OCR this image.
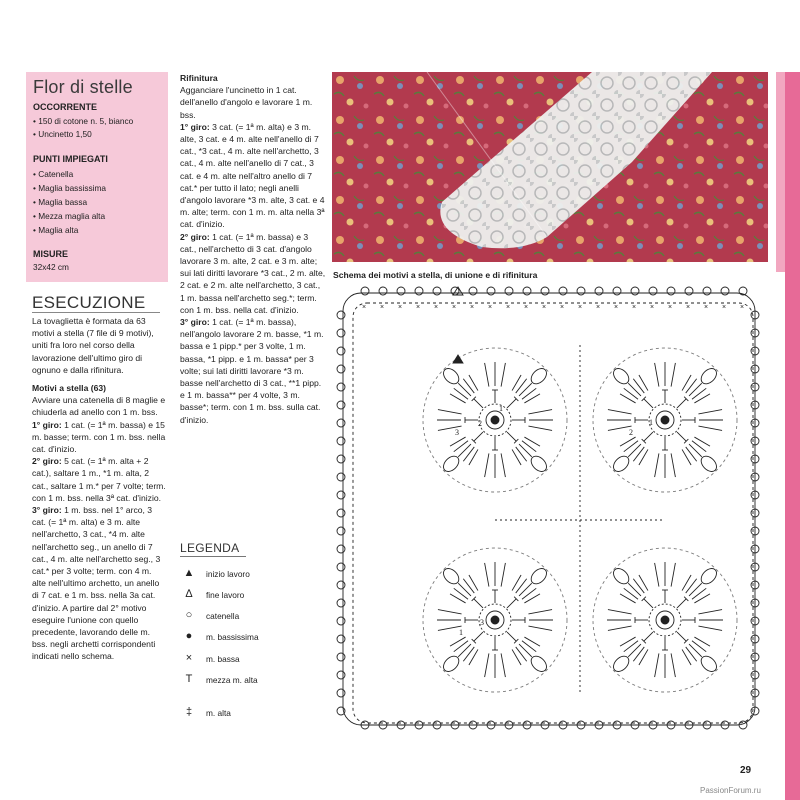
Flor di stelle
OCCORRENTE
• 150 di cotone n. 5, bianco
• Uncinetto 1,50
PUNTI IMPIEGATI
• Catenella
• Maglia bassissima
• Maglia bassa
• Mezza maglia alta
• Maglia alta
MISURE
32x42 cm
ESECUZIONE

La tovaglietta è formata da 63 motivi a stella (7 file di 9 motivi), uniti fra loro nel corso della lavorazione dell'ultimo giro di ognuno e dalla rifinitura.

Motivi a stella (63)

Avviare una catenella di 8 maglie e chiuderla ad anello con 1 m. bss.

1° giro: 1 cat. (= 1ª m. bassa) e 15 m. basse; term. con 1 m. bss. nella cat. d'inizio.

2° giro: 5 cat. (= 1ª m. alta + 2 cat.), saltare 1 m., *1 m. alta, 2 cat., saltare 1 m.* per 7 volte; term. con 1 m. bss. nella 3ª cat. d'inizio.

3° giro: 1 m. bss. nel 1° arco, 3 cat. (= 1ª m. alta) e 3 m. alte nell'archetto, 3 cat., *4 m. alte nell'archetto seg., un anello di 7 cat., 4 m. alte nell'archetto seg., 3 cat.* per 3 volte; term. con 4 m. alte nell'ultimo archetto, un anello di 7 cat. e 1 m. bss. nella 3a cat. d'inizio. A partire dal 2° motivo eseguire l'unione con quello precedente, lavorando delle m. bss. negli archetti corrispondenti indicati nello schema.

Rifinitura

Agganciare l'uncinetto in 1 cat. dell'anello d'angolo e lavorare 1 m. bss.

1° giro: 3 cat. (= 1ª m. alta) e 3 m. alte, 3 cat. e 4 m. alte nell'anello di 7 cat., *3 cat., 4 m. alte nell'archetto, 3 cat., 4 m. alte nell'anello di 7 cat., 3 cat. e 4 m. alte nell'altro anello di 7 cat.* per tutto il lato; negli anelli d'angolo lavorare *3 m. alte, 3 cat. e 4 m. alte; term. con 1 m. m. alta nella 3ª cat. d'inizio.

2° giro: 1 cat. (= 1ª m. bassa) e 3 cat., nell'archetto di 3 cat. d'angolo lavorare 3 m. alte, 2 cat. e 3 m. alte; sui lati diritti lavorare *3 cat., 2 m. alte, 2 cat. e 2 m. alte nell'archetto, 3 cat., 1 m. bassa nell'archetto seg.*; term. con 1 m. bss. nella cat. d'inizio.

3° giro: 1 cat. (= 1ª m. bassa), nell'angolo lavorare 2 m. basse, *1 m. bassa e 1 pipp.* per 3 volte, 1 m. bassa, *1 pipp. e 1 m. bassa* per 3 volte; sui lati diritti lavorare *3 m. basse nell'archetto di 3 cat., **1 pipp. e 1 m. bassa** per 4 volte, 3 m. basse*; term. con 1 m. bss. sulla cat. d'inizio.

LEGENDA
▲	inizio lavoro
∆	fine lavoro
○	catenella
●	m. bassissima
×	m. bassa
T	mezza m. alta
‡	m. alta
Schema dei motivi a stella, di unione e di rifinitura
× × × × × × × × × × × × × × × × × × × × × ×
1
2
3
1
2
3
1
29
PassionForum.ru
